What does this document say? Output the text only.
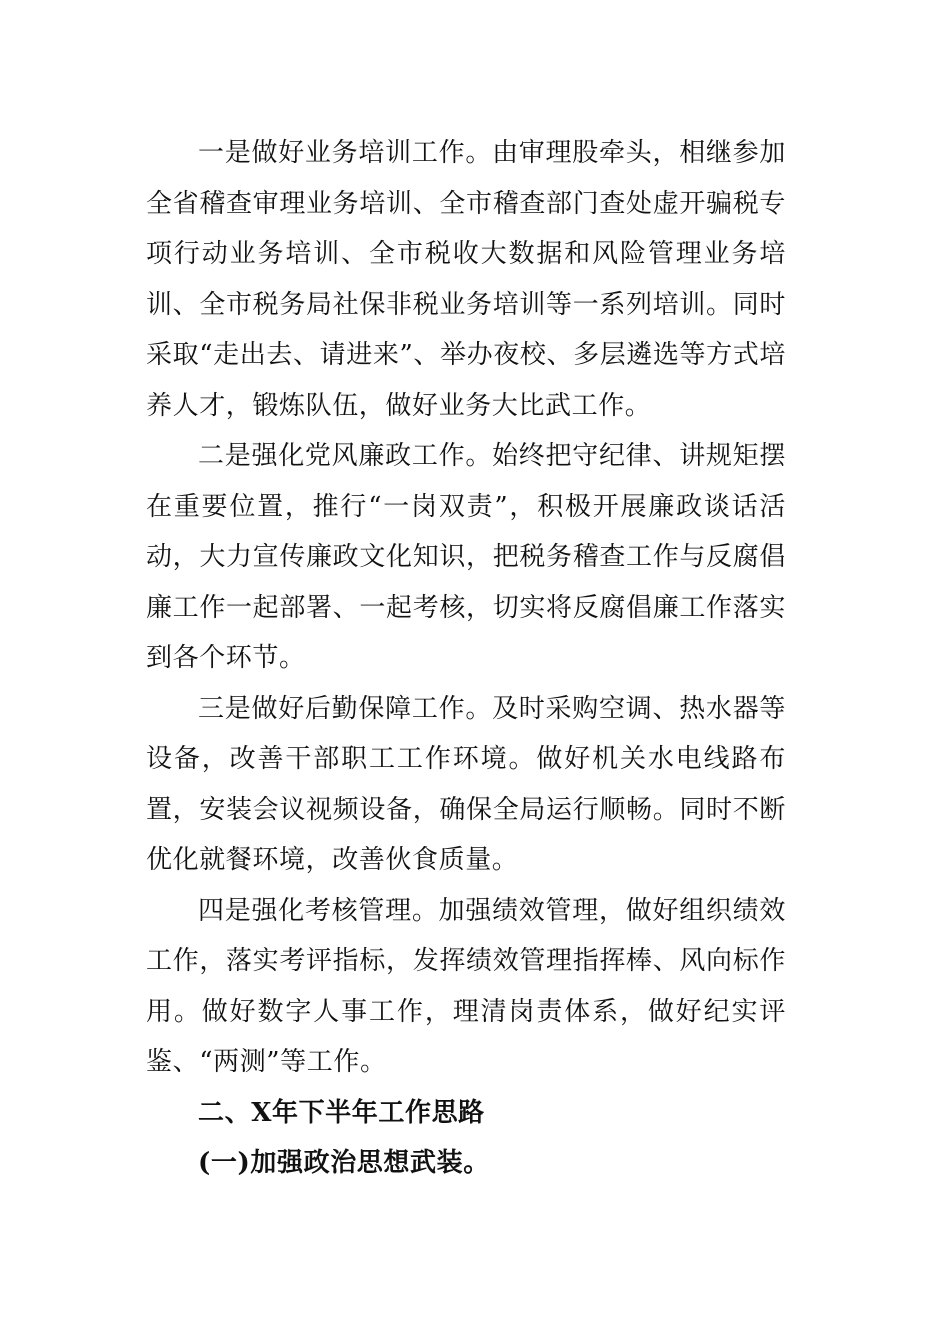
一是做好业务培训工作。由审理股牵头，相继参加全省稽查审理业务培训、全市稽查部门查处虚开骗税专项行动业务培训、全市税收大数据和风险管理业务培训、全市税务局社保非税业务培训等一系列培训。同时采取“走出去、请进来”、举办夜校、多层遴选等方式培养人才，锻炼队伍，做好业务大比武工作。

二是强化党风廉政工作。始终把守纪律、讲规矩摆在重要位置，推行“一岗双责”，积极开展廉政谈话活动，大力宣传廉政文化知识，把税务稽查工作与反腐倡廉工作一起部署、一起考核，切实将反腐倡廉工作落实到各个环节。

三是做好后勤保障工作。及时采购空调、热水器等设备，改善干部职工工作环境。做好机关水电线路布置，安装会议视频设备，确保全局运行顺畅。同时不断优化就餐环境，改善伙食质量。

四是强化考核管理。加强绩效管理，做好组织绩效工作，落实考评指标，发挥绩效管理指挥棒、风向标作用。做好数字人事工作，理清岗责体系，做好纪实评鉴、“两测”等工作。

二、X年下半年工作思路

(一)加强政治思想武装。
